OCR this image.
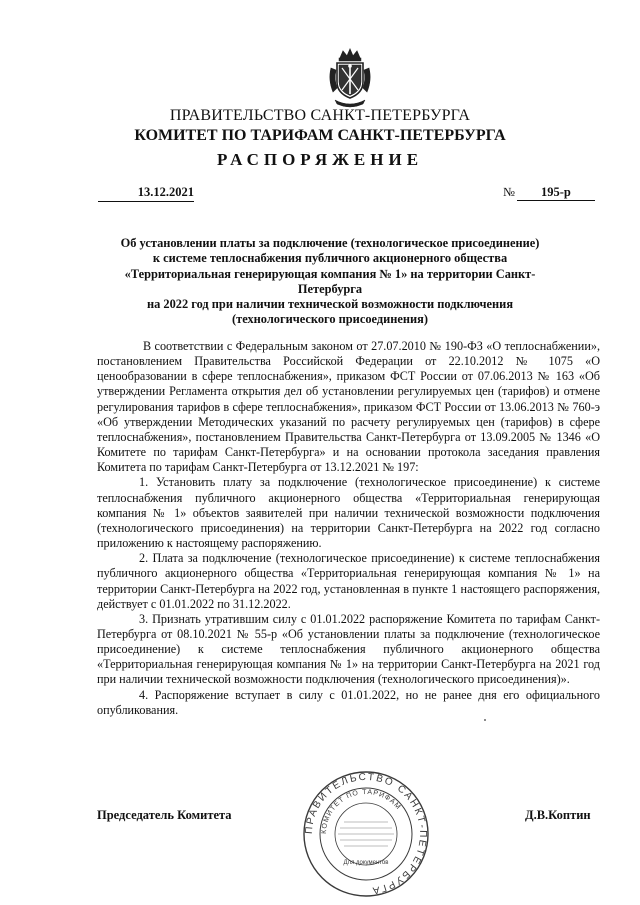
ПРАВИТЕЛЬСТВО САНКТ-ПЕТЕРБУРГА
КОМИТЕТ ПО ТАРИФАМ САНКТ-ПЕТЕРБУРГА
РАСПОРЯЖЕНИЕ
13.12.2021	№ 195-р
Об установлении платы за подключение (технологическое присоединение)
к системе теплоснабжения публичного акционерного общества
«Территориальная генерирующая компания № 1» на территории Санкт-Петербурга
на 2022 год при наличии технической возможности подключения
(технологического присоединения)

В соответствии с Федеральным законом от 27.07.2010 № 190-ФЗ «О теплоснабжении», постановлением Правительства Российской Федерации от 22.10.2012 № 1075 «О ценообразовании в сфере теплоснабжения», приказом ФСТ России от 07.06.2013 № 163 «Об утверждении Регламента открытия дел об установлении регулируемых цен (тарифов) и отмене регулирования тарифов в сфере теплоснабжения», приказом ФСТ России от 13.06.2013 № 760-э «Об утверждении Методических указаний по расчету регулируемых цен (тарифов) в сфере теплоснабжения», постановлением Правительства Санкт-Петербурга от 13.09.2005 № 1346 «О Комитете по тарифам Санкт-Петербурга» и на основании протокола заседания правления Комитета по тарифам Санкт-Петербурга от 13.12.2021 № 197:

1. Установить плату за подключение (технологическое присоединение) к системе теплоснабжения публичного акционерного общества «Территориальная генерирующая компания № 1» объектов заявителей при наличии технической возможности подключения (технологического присоединения) на территории Санкт-Петербурга на 2022 год согласно приложению к настоящему распоряжению.

2. Плата за подключение (технологическое присоединение) к системе теплоснабжения публичного акционерного общества «Территориальная генерирующая компания № 1» на территории Санкт-Петербурга на 2022 год, установленная в пункте 1 настоящего распоряжения, действует с 01.01.2022 по 31.12.2022.

3. Признать утратившим силу с 01.01.2022 распоряжение Комитета по тарифам Санкт-Петербурга от 08.10.2021 № 55-р «Об установлении платы за подключение (технологическое присоединение) к системе теплоснабжения публичного акционерного общества «Территориальная генерирующая компания № 1» на территории Санкт-Петербурга на 2021 год при наличии технической возможности подключения (технологического присоединения)».

4. Распоряжение вступает в силу с 01.01.2022, но не ранее дня его официального опубликования.

ПРАВИТЕЛЬСТВО САНКТ-ПЕТЕРБУРГА
КОМИТЕТ ПО ТАРИФАМ
Для документов
Председатель Комитета	Д.В.Коптин
